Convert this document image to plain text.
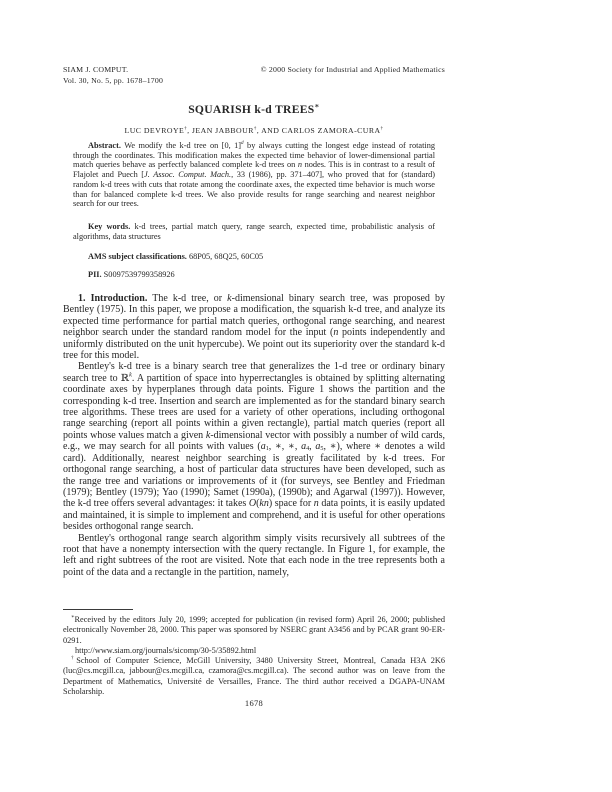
SIAM J. COMPUT.
Vol. 30, No. 5, pp. 1678–1700
© 2000 Society for Industrial and Applied Mathematics
SQUARISH k-d TREES∗
LUC DEVROYE†, JEAN JABBOUR†, AND CARLOS ZAMORA-CURA†

Abstract. We modify the k-d tree on [0, 1]$^d$ by always cutting the longest edge instead of rotating through the coordinates. This modification makes the expected time behavior of lower-dimensional partial match queries behave as perfectly balanced complete k-d trees on n nodes. This is in contrast to a result of Flajolet and Puech [J. Assoc. Comput. Mach., 33 (1986), pp. 371–407], who proved that for (standard) random k-d trees with cuts that rotate among the coordinate axes, the expected time behavior is much worse than for balanced complete k-d trees. We also provide results for range searching and nearest neighbor search for our trees.

Key words. k-d trees, partial match query, range search, expected time, probabilistic analysis of algorithms, data structures

AMS subject classifications. 68P05, 68Q25, 60C05

PII. S0097539799358926

1. Introduction. The k-d tree, or k-dimensional binary search tree, was proposed by Bentley (1975). In this paper, we propose a modification, the squarish k-d tree, and analyze its expected time performance for partial match queries, orthogonal range searching, and nearest neighbor search under the standard random model for the input (n points independently and uniformly distributed on the unit hypercube). We point out its superiority over the standard k-d tree for this model.

Bentley's k-d tree is a binary search tree that generalizes the 1-d tree or ordinary binary search tree to ℝ$^k$. A partition of space into hyperrectangles is obtained by splitting alternating coordinate axes by hyperplanes through data points. Figure 1 shows the partition and the corresponding k-d tree. Insertion and search are implemented as for the standard binary search tree algorithms. These trees are used for a variety of other operations, including orthogonal range searching (report all points within a given rectangle), partial match queries (report all points whose values match a given k-dimensional vector with possibly a number of wild cards, e.g., we may search for all points with values (a1, ∗, ∗, a4, a5, ∗), where ∗ denotes a wild card). Additionally, nearest neighbor searching is greatly facilitated by k-d trees. For orthogonal range searching, a host of particular data structures have been developed, such as the range tree and variations or improvements of it (for surveys, see Bentley and Friedman (1979); Bentley (1979); Yao (1990); Samet (1990a), (1990b); and Agarwal (1997)). However, the k-d tree offers several advantages: it takes O(kn) space for n data points, it is easily updated and maintained, it is simple to implement and comprehend, and it is useful for other operations besides orthogonal range search.

Bentley's orthogonal range search algorithm simply visits recursively all subtrees of the root that have a nonempty intersection with the query rectangle. In Figure 1, for example, the left and right subtrees of the root are visited. Note that each node in the tree represents both a point of the data and a rectangle in the partition, namely,

∗Received by the editors July 20, 1999; accepted for publication (in revised form) April 26, 2000; published electronically November 28, 2000. This paper was sponsored by NSERC grant A3456 and by PCAR grant 90-ER-0291.

http://www.siam.org/journals/sicomp/30-5/35892.html

†School of Computer Science, McGill University, 3480 University Street, Montreal, Canada H3A 2K6 (luc@cs.mcgill.ca, jabbour@cs.mcgill.ca, czamora@cs.mcgill.ca). The second author was on leave from the Department of Mathematics, Université de Versailles, France. The third author received a DGAPA-UNAM Scholarship.

1678
